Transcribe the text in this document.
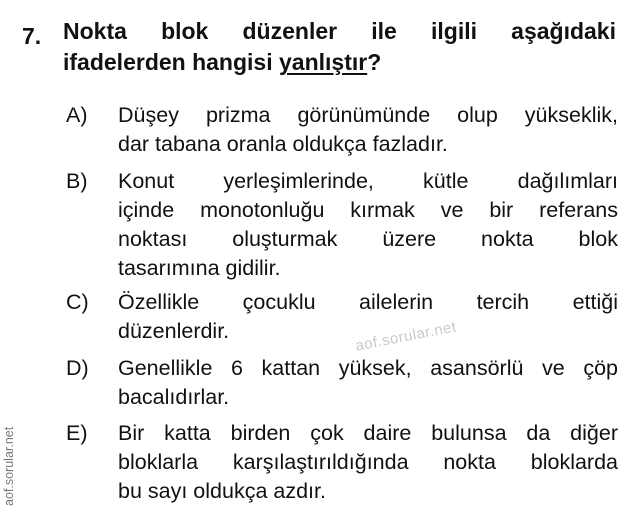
7. Nokta blok düzenler ile ilgili aşağıdaki
ifadelerden hangisi yanlıştır?
A)	Düşey prizma görünümünde olup yükseklik,
dar tabana oranla oldukça fazladır.
B)	Konut yerleşimlerinde, kütle dağılımları
içinde monotonluğu kırmak ve bir referans
noktası oluşturmak üzere nokta blok
tasarımına gidilir.
C)	Özellikle çocuklu ailelerin tercih ettiği
düzenlerdir.
D)	Genellikle 6 kattan yüksek, asansörlü ve çöp
bacalıdırlar.
E)	Bir katta birden çok daire bulunsa da diğer
bloklarla karşılaştırıldığında nokta bloklarda
bu sayı oldukça azdır.
aof.sorular.net
aof.sorular.net
